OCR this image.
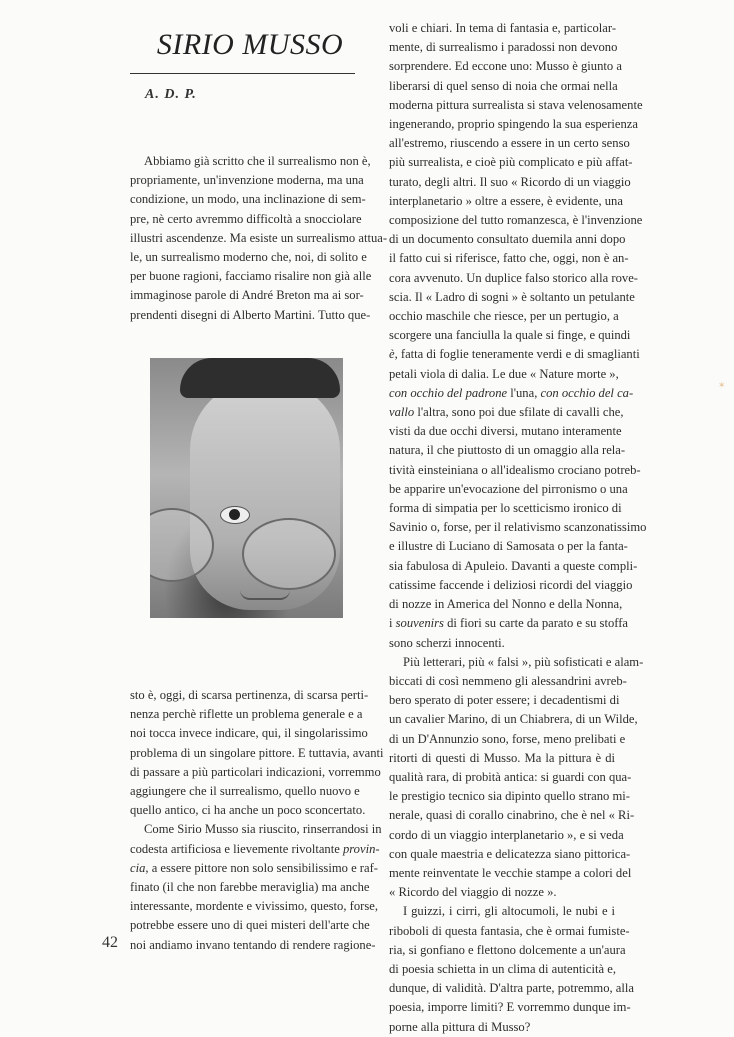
SIRIO MUSSO
A. D. P.
Abbiamo già scritto che il surrealismo non è,
propriamente, un'invenzione moderna, ma una
condizione, un modo, una inclinazione di sem-
pre, nè certo avremmo difficoltà a snocciolare
illustri ascendenze. Ma esiste un surrealismo attua-
le, un surrealismo moderno che, noi, di solito e
per buone ragioni, facciamo risalire non già alle
immaginose parole di André Breton ma ai sor-
prendenti disegni di Alberto Martini. Tutto que-
sto è, oggi, di scarsa pertinenza, di scarsa perti-
nenza perchè riflette un problema generale e a
noi tocca invece indicare, qui, il singolarissimo
problema di un singolare pittore. E tuttavia, avanti
di passare a più particolari indicazioni, vorremmo
aggiungere che il surrealismo, quello nuovo e
quello antico, ci ha anche un poco sconcertato.
Come Sirio Musso sia riuscito, rinserrandosi in
codesta artificiosa e lievemente rivoltante provin-
cia, a essere pittore non solo sensibilissimo e raf-
finato (il che non farebbe meraviglia) ma anche
interessante, mordente e vivissimo, questo, forse,
potrebbe essere uno di quei misteri dell'arte che
noi andiamo invano tentando di rendere ragione-
voli e chiari. In tema di fantasia e, particolar-
mente, di surrealismo i paradossi non devono
sorprendere. Ed eccone uno: Musso è giunto a
liberarsi di quel senso di noia che ormai nella
moderna pittura surrealista si stava velenosamente
ingenerando, proprio spingendo la sua esperienza
all'estremo, riuscendo a essere in un certo senso
più surrealista, e cioè più complicato e più affat-
turato, degli altri. Il suo « Ricordo di un viaggio
interplanetario » oltre a essere, è evidente, una
composizione del tutto romanzesca, è l'invenzione
di un documento consultato duemila anni dopo
il fatto cui si riferisce, fatto che, oggi, non è an-
cora avvenuto. Un duplice falso storico alla rove-
scia. Il « Ladro di sogni » è soltanto un petulante
occhio maschile che riesce, per un pertugio, a
scorgere una fanciulla la quale si finge, e quindi
è, fatta di foglie teneramente verdi e di smaglianti
petali viola di dalia. Le due « Nature morte »,
con occhio del padrone l'una, con occhio del ca-
vallo l'altra, sono poi due sfilate di cavalli che,
visti da due occhi diversi, mutano interamente
natura, il che piuttosto di un omaggio alla rela-
tività einsteiniana o all'idealismo crociano potreb-
be apparire un'evocazione del pirronismo o una
forma di simpatia per lo scetticismo ironico di
Savinio o, forse, per il relativismo scanzonatissimo
e illustre di Luciano di Samosata o per la fanta-
sia fabulosa di Apuleio. Davanti a queste compli-
catissime faccende i deliziosi ricordi del viaggio
di nozze in America del Nonno e della Nonna,
i souvenirs di fiori su carte da parato e su stoffa
sono scherzi innocenti.
Più letterari, più « falsi », più sofisticati e alam-
biccati di così nemmeno gli alessandrini avreb-
bero sperato di poter essere; i decadentismi di
un cavalier Marino, di un Chiabrera, di un Wilde,
di un D'Annunzio sono, forse, meno prelibati e
ritorti di questi di Musso. Ma la pittura è di
qualità rara, di probità antica: si guardi con qua-
le prestigio tecnico sia dipinto quello strano mi-
nerale, quasi di corallo cinabrino, che è nel « Ri-
cordo di un viaggio interplanetario », e si veda
con quale maestria e delicatezza siano pittorica-
mente reinventate le vecchie stampe a colori del
« Ricordo del viaggio di nozze ».
I guizzi, i cirri, gli altocumoli, le nubi e i
riboboli di questa fantasia, che è ormai fumiste-
ria, si gonfiano e flettono dolcemente a un'aura
di poesia schietta in un clima di autenticità e,
dunque, di validità. D'altra parte, potremmo, alla
poesia, imporre limiti? E vorremmo dunque im-
porne alla pittura di Musso?
42
✶
